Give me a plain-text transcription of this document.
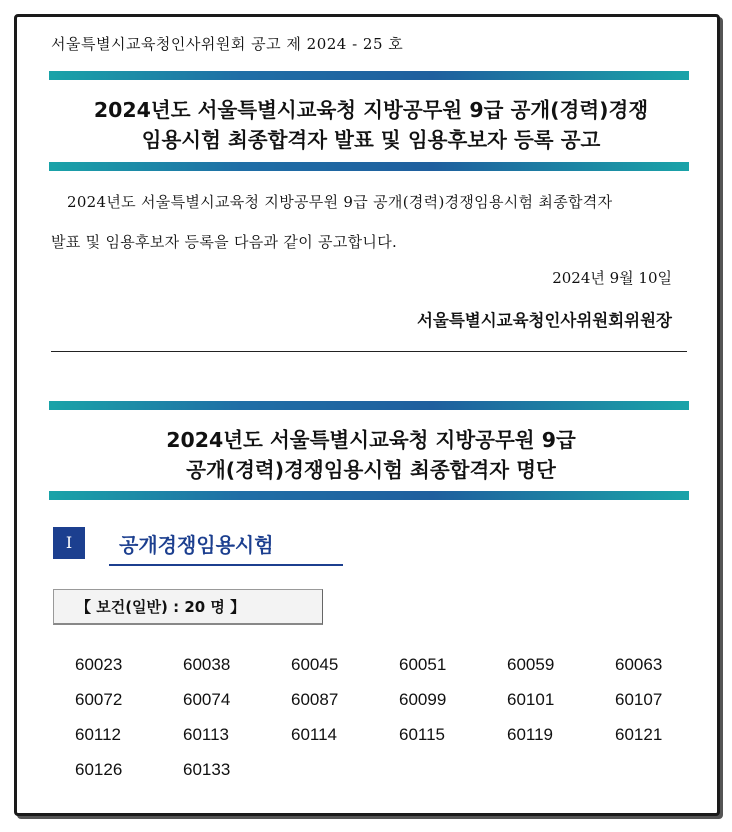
서울특별시교육청인사위원회 공고 제 2024 - 25 호
2024년도 서울특별시교육청 지방공무원 9급 공개(경력)경쟁
임용시험 최종합격자 발표 및 임용후보자 등록 공고
2024년도 서울특별시교육청 지방공무원 9급 공개(경력)경쟁임용시험 최종합격자
발표 및 임용후보자 등록을 다음과 같이 공고합니다.
2024년 9월 10일
서울특별시교육청인사위원회위원장
2024년도 서울특별시교육청 지방공무원 9급
공개(경력)경쟁임용시험 최종합격자 명단
I	공개경쟁임용시험
【 보건(일반) : 20 명 】
60023	60038	60045	60051	60059	60063
60072	60074	60087	60099	60101	60107
60112	60113	60114	60115	60119	60121
60126	60133
